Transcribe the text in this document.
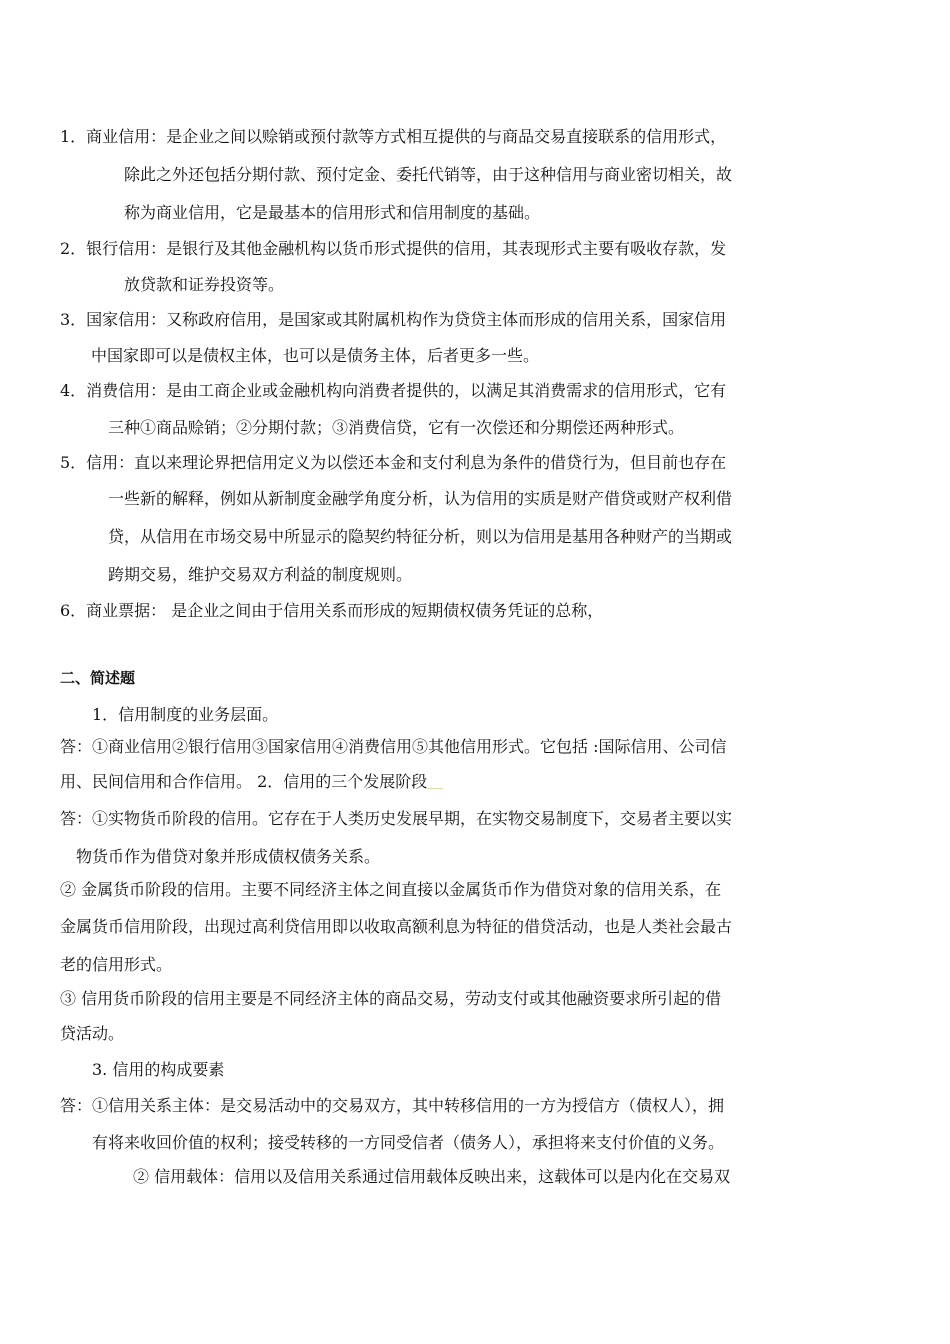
1．商业信用：是企业之间以赊销或预付款等方式相互提供的与商品交易直接联系的信用形式，

除此之外还包括分期付款、预付定金、委托代销等，由于这种信用与商业密切相关，故

称为商业信用，它是最基本的信用形式和信用制度的基础。

2．银行信用：是银行及其他金融机构以货币形式提供的信用，其表现形式主要有吸收存款，发

放贷款和证券投资等。

3．国家信用：又称政府信用，是国家或其附属机构作为贷贷主体而形成的信用关系，国家信用

中国家即可以是债权主体，也可以是债务主体，后者更多一些。

4．消费信用：是由工商企业或金融机构向消费者提供的，以满足其消费需求的信用形式，它有

三种①商品赊销；②分期付款；③消费信贷，它有一次偿还和分期偿还两种形式。

5．信用：直以来理论界把信用定义为以偿还本金和支付利息为条件的借贷行为，但目前也存在

一些新的解释，例如从新制度金融学角度分析，认为信用的实质是财产借贷或财产权利借

贷，从信用在市场交易中所显示的隐契约特征分析，则以为信用是基用各种财产的当期或

跨期交易，维护交易双方利益的制度规则。

6．商业票据： 是企业之间由于信用关系而形成的短期债权债务凭证的总称，

二、简述题

1．信用制度的业务层面。

答：①商业信用②银行信用③国家信用④消费信用⑤其他信用形式。它包括 :国际信用、公司信

用、民间信用和合作信用。 2．信用的三个发展阶段

答：①实物货币阶段的信用。它存在于人类历史发展早期，在实物交易制度下，交易者主要以实

物货币作为借贷对象并形成债权债务关系。

② 金属货币阶段的信用。主要不同经济主体之间直接以金属货币作为借贷对象的信用关系，在

金属货币信用阶段，出现过高利贷信用即以收取高额利息为特征的借贷活动，也是人类社会最古

老的信用形式。

③ 信用货币阶段的信用主要是不同经济主体的商品交易，劳动支付或其他融资要求所引起的借

贷活动。

3. 信用的构成要素

答：①信用关系主体：是交易活动中的交易双方，其中转移信用的一方为授信方（债权人），拥

有将来收回价值的权利；接受转移的一方同受信者（债务人），承担将来支付价值的义务。

② 信用载体：信用以及信用关系通过信用载体反映出来，这载体可以是内化在交易双
